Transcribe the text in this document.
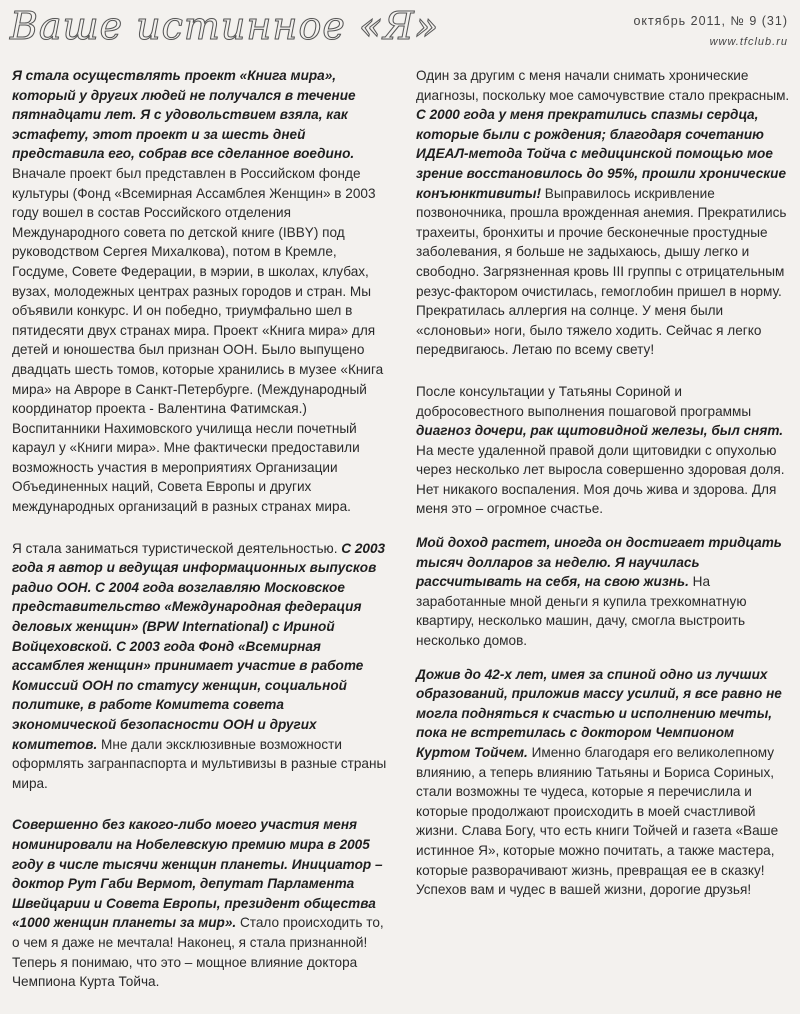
Ваше истинное «Я»	октябрь 2011, № 9 (31)
www.tfclub.ru

Я стала осуществлять проект «Книга мира», который у других людей не получался в течение пятнадцати лет. Я с удовольствием взяла, как эстафету, этот проект и за шесть дней представила его, собрав все сделанное воедино. Вначале проект был представлен в Российском фонде культуры (Фонд «Всемирная Ассамблея Женщин» в 2003 году вошел в состав Российского отделения Международного совета по детской книге (IBBY) под руководством Сергея Михалкова), потом в Кремле, Госдуме, Совете Федерации, в мэрии, в школах, клубах, вузах, молодежных центрах разных городов и стран. Мы объявили конкурс. И он победно, триумфально шел в пятидесяти двух странах мира. Проект «Книга мира» для детей и юношества был признан ООН. Было выпущено двадцать шесть томов, которые хранились в музее «Книга мира» на Авроре в Санкт-Петербурге. (Международный координатор проекта - Валентина Фатимская.) Воспитанники Нахимовского училища несли почетный караул у «Книги мира». Мне фактически предоставили возможность участия в мероприятиях Организации Объединенных наций, Совета Европы и других международных организаций в разных странах мира.

Я стала заниматься туристической деятельностью. С 2003 года я автор и ведущая информационных выпусков радио ООН. С 2004 года возглавляю Московское представительство «Международная федерация деловых женщин» (BPW International) с Ириной Войцеховской. С 2003 года Фонд «Всемирная ассамблея женщин» принимает участие в работе Комиссий ООН по статусу женщин, социальной политике, в работе Комитета совета экономической безопасности ООН и других комитетов. Мне дали эксклюзивные возможности оформлять загранпаспорта и мультивизы в разные страны мира.

Совершенно без какого-либо моего участия меня номинировали на Нобелевскую премию мира в 2005 году в числе тысячи женщин планеты. Инициатор – доктор Рут Габи Вермот, депутат Парламента Швейцарии и Совета Европы, президент общества «1000 женщин планеты за мир». Стало происходить то, о чем я даже не мечтала! Наконец, я стала признанной! Теперь я понимаю, что это – мощное влияние доктора Чемпиона Курта Тойча.

Один за другим с меня начали снимать хронические диагнозы, поскольку мое самочувствие стало прекрасным. С 2000 года у меня прекратились спазмы сердца, которые были с рождения; благодаря сочетанию ИДЕАЛ-метода Тойча с медицинской помощью мое зрение восстановилось до 95%, прошли хронические конъюнктивиты! Выправилось искривление позвоночника, прошла врожденная анемия. Прекратились трахеиты, бронхиты и прочие бесконечные простудные заболевания, я больше не задыхаюсь, дышу легко и свободно. Загрязненная кровь III группы с отрицательным резус-фактором очистилась, гемоглобин пришел в норму. Прекратилась аллергия на солнце. У меня были «слоновьи» ноги, было тяжело ходить. Сейчас я легко передвигаюсь. Летаю по всему свету!

После консультации у Татьяны Сориной и добросовестного выполнения пошаговой программы диагноз дочери, рак щитовидной железы, был снят. На месте удаленной правой доли щитовидки с опухолью через несколько лет выросла совершенно здоровая доля. Нет никакого воспаления. Моя дочь жива и здорова. Для меня это – огромное счастье.

Мой доход растет, иногда он достигает тридцать тысяч долларов за неделю. Я научилась рассчитывать на себя, на свою жизнь. На заработанные мной деньги я купила трехкомнатную квартиру, несколько машин, дачу, смогла выстроить несколько домов.

Дожив до 42-х лет, имея за спиной одно из лучших образований, приложив массу усилий, я все равно не могла подняться к счастью и исполнению мечты, пока не встретилась с доктором Чемпионом Куртом Тойчем. Именно благодаря его великолепному влиянию, а теперь влиянию Татьяны и Бориса Сориных, стали возможны те чудеса, которые я перечислила и которые продолжают происходить в моей счастливой жизни. Слава Богу, что есть книги Тойчей и газета «Ваше истинное Я», которые можно почитать, а также мастера, которые разворачивают жизнь, превращая ее в сказку! Успехов вам и чудес в вашей жизни, дорогие друзья!
